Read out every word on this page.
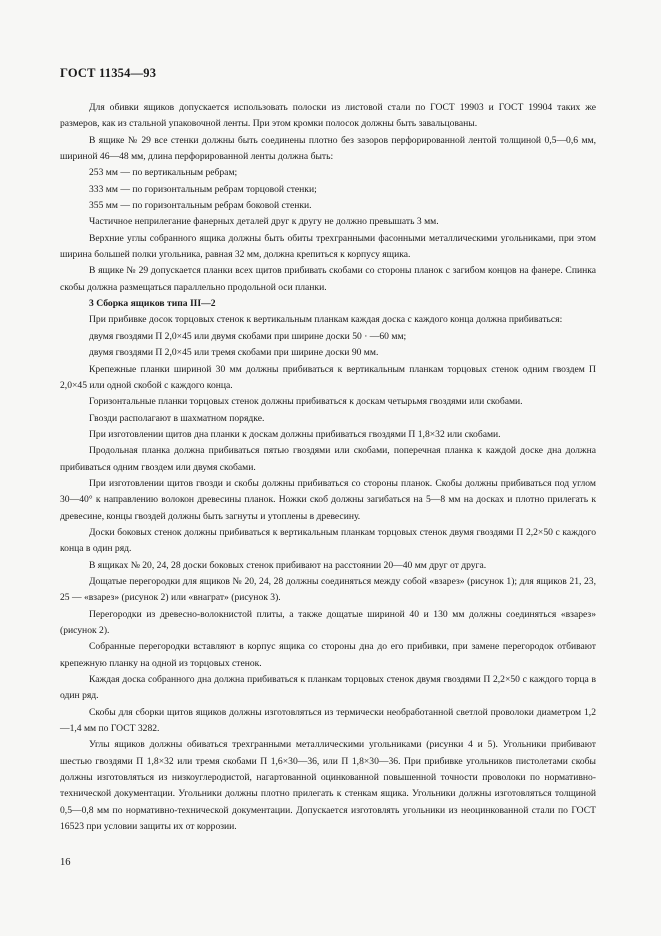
ГОСТ 11354—93

Для обивки ящиков допускается использовать полоски из листовой стали по ГОСТ 19903 и ГОСТ 19904 таких же размеров, как из стальной упаковочной ленты. При этом кромки полосок должны быть завальцованы.

В ящике № 29 все стенки должны быть соединены плотно без зазоров перфорированной лентой толщиной 0,5—0,6 мм, шириной 46—48 мм, длина перфорированной ленты должна быть:

253 мм — по вертикальным ребрам;

333 мм — по горизонтальным ребрам торцовой стенки;

355 мм — по горизонтальным ребрам боковой стенки.

Частичное неприлегание фанерных деталей друг к другу не должно превышать 3 мм.

Верхние углы собранного ящика должны быть обиты трехгранными фасонными металлическими угольниками, при этом ширина большей полки угольника, равная 32 мм, должна крепиться к корпусу ящика.

В ящике № 29 допускается планки всех щитов прибивать скобами со стороны планок с загибом концов на фанере. Спинка скобы должна размещаться параллельно продольной оси планки.

3 Сборка ящиков типа III—2

При прибивке досок торцовых стенок к вертикальным планкам каждая доска с каждого конца должна прибиваться:

двумя гвоздями П 2,0×45 или двумя скобами при ширине доски 50 · —60 мм;

двумя гвоздями П 2,0×45 или тремя скобами при ширине доски 90 мм.

Крепежные планки шириной 30 мм должны прибиваться к вертикальным планкам торцовых стенок одним гвоздем П 2,0×45 или одной скобой с каждого конца.

Горизонтальные планки торцовых стенок должны прибиваться к доскам четырьмя гвоздями или скобами.

Гвозди располагают в шахматном порядке.

При изготовлении щитов дна планки к доскам должны прибиваться гвоздями П 1,8×32 или скобами.

Продольная планка должна прибиваться пятью гвоздями или скобами, поперечная планка к каждой доске дна должна прибиваться одним гвоздем или двумя скобами.

При изготовлении щитов гвозди и скобы должны прибиваться со стороны планок. Скобы должны прибиваться под углом 30—40° к направлению волокон древесины планок. Ножки скоб должны загибаться на 5—8 мм на досках и плотно прилегать к древесине, концы гвоздей должны быть загнуты и утоплены в древесину.

Доски боковых стенок должны прибиваться к вертикальным планкам торцовых стенок двумя гвоздями П 2,2×50 с каждого конца в один ряд.

В ящиках № 20, 24, 28 доски боковых стенок прибивают на расстоянии 20—40 мм друг от друга.

Дощатые перегородки для ящиков № 20, 24, 28 должны соединяться между собой «взарез» (рисунок 1); для ящиков 21, 23, 25 — «взарез» (рисунок 2) или «внаграт» (рисунок 3).

Перегородки из древесно-волокнистой плиты, а также дощатые шириной 40 и 130 мм должны соединяться «взарез» (рисунок 2).

Собранные перегородки вставляют в корпус ящика со стороны дна до его прибивки, при замене перегородок отбивают крепежную планку на одной из торцовых стенок.

Каждая доска собранного дна должна прибиваться к планкам торцовых стенок двумя гвоздями П 2,2×50 с каждого торца в один ряд.

Скобы для сборки щитов ящиков должны изготовляться из термически необработанной светлой проволоки диаметром 1,2—1,4 мм по ГОСТ 3282.

Углы ящиков должны обиваться трехгранными металлическими угольниками (рисунки 4 и 5). Угольники прибивают шестью гвоздями П 1,8×32 или тремя скобами П 1,6×30—36, или П 1,8×30—36. При прибивке угольников пистолетами скобы должны изготовляться из низкоуглеродистой, нагартованной оцинкованной повышенной точности проволоки по нормативно-технической документации. Угольники должны плотно прилегать к стенкам ящика. Угольники должны изготовляться толщиной 0,5—0,8 мм по нормативно-технической документации. Допускается изготовлять угольники из неоцинкованной стали по ГОСТ 16523 при условии защиты их от коррозии.

16
